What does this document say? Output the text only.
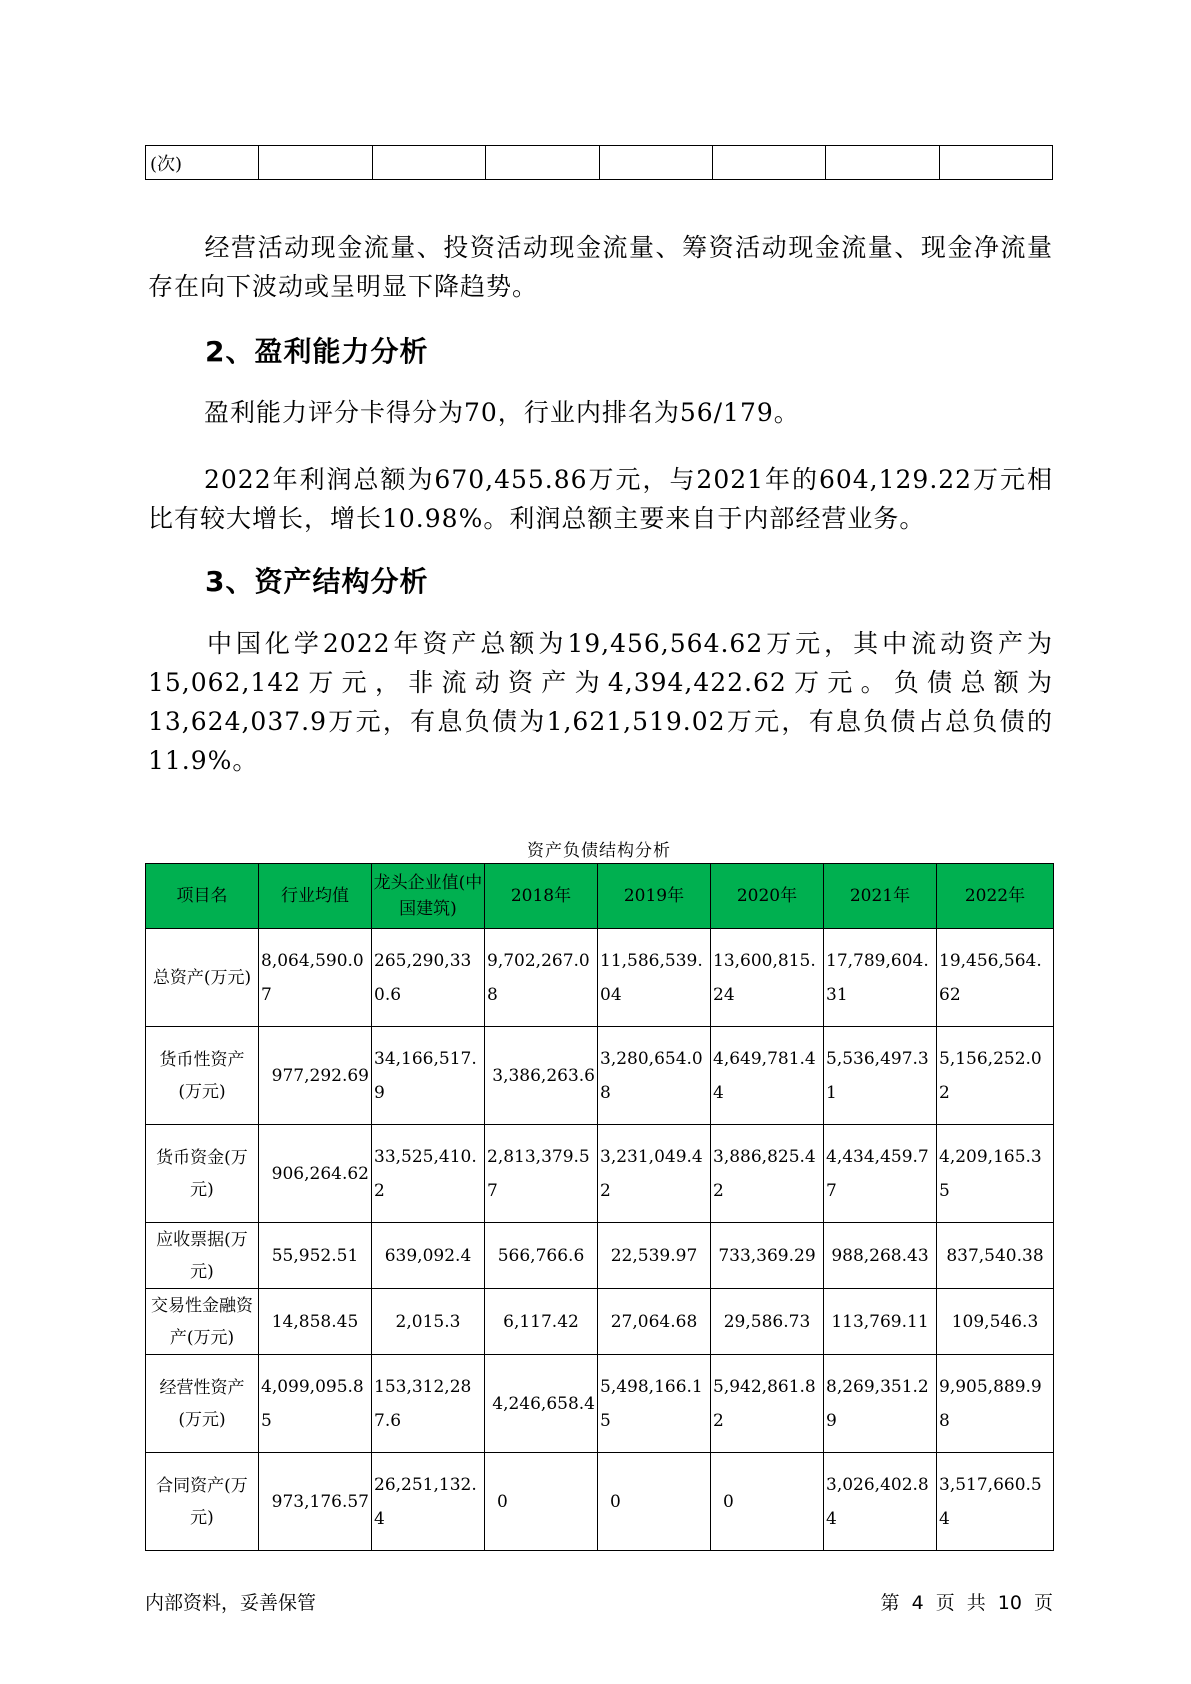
(次)							

经营活动现金流量、投资活动现金流量、筹资活动现金流量、现金净流量存在向下波动或呈明显下降趋势。

2、盈利能力分析

盈利能力评分卡得分为70，行业内排名为56/179。

2022年利润总额为670,455.86万元，与2021年的604,129.22万元相比有较大增长，增长10.98%。利润总额主要来自于内部经营业务。

3、资产结构分析

中国化学2022年资产总额为19,456,564.62万元，其中流动资产为15,062,142万元，非流动资产为4,394,422.62万元。负债总额为13,624,037.9万元，有息负债为1,621,519.02万元，有息负债占总负债的11.9%。

资产负债结构分析
项目名	行业均值	龙头企业值(中国建筑)	2018年	2019年	2020年	2021年	2022年
总资产(万元)	8,064,590.07	265,290,330.6	9,702,267.08	11,586,539.04	13,600,815.24	17,789,604.31	19,456,564.62
货币性资产(万元)	977,292.69	34,166,517.9	3,386,263.6	3,280,654.08	4,649,781.44	5,536,497.31	5,156,252.02
货币资金(万元)	906,264.62	33,525,410.2	2,813,379.57	3,231,049.42	3,886,825.42	4,434,459.77	4,209,165.35
应收票据(万元)	55,952.51	639,092.4	566,766.6	22,539.97	733,369.29	988,268.43	837,540.38
交易性金融资产(万元)	14,858.45	2,015.3	6,117.42	27,064.68	29,586.73	113,769.11	109,546.3
经营性资产(万元)	4,099,095.85	153,312,287.6	4,246,658.4	5,498,166.15	5,942,861.82	8,269,351.29	9,905,889.98
合同资产(万元)	973,176.57	26,251,132.4	0	0	0	3,026,402.84	3,517,660.54
内部资料，妥善保管	第 4 页 共 10 页
